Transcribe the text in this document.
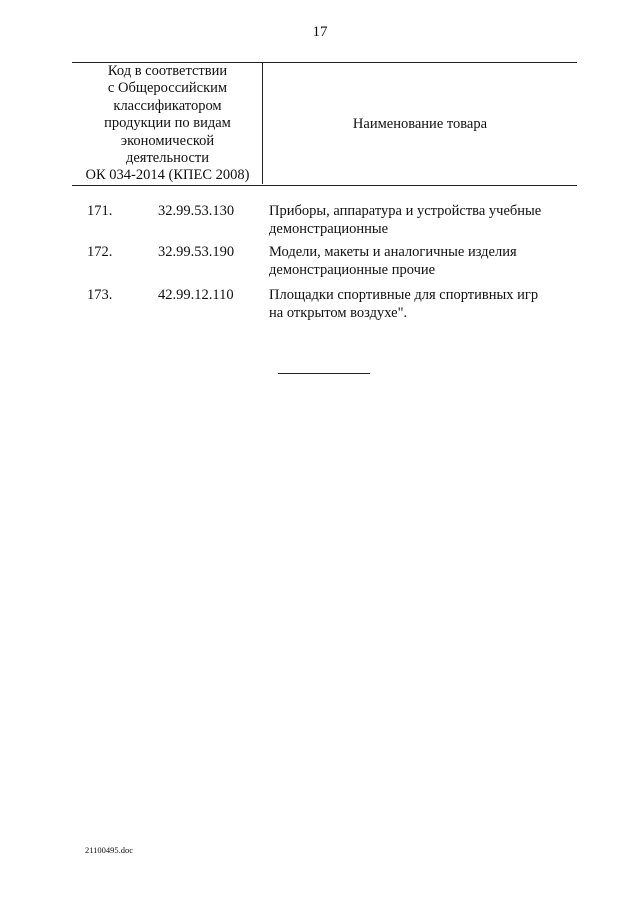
17
Код в соответствии
с Общероссийским
классификатором
продукции по видам
экономической
деятельности
ОК 034-2014 (КПЕС 2008)
Наименование товара
171.	32.99.53.130 Приборы, аппаратура и устройства учебные
демонстрационные
172.	32.99.53.190 Модели, макеты и аналогичные изделия
демонстрационные прочие
173.	42.99.12.110 Площадки спортивные для спортивных игр
на открытом воздухе".
21100495.doc
